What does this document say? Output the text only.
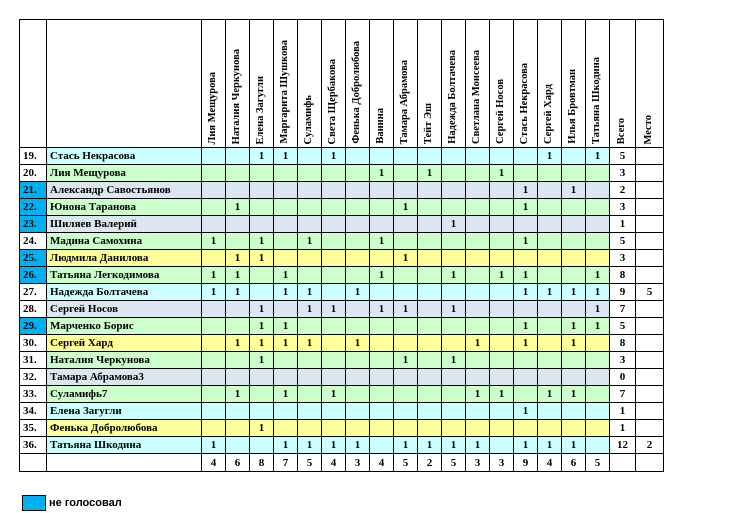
		Лия Мещурова	Наталия Черкунова	Елена Загугли	Маргарита Шушкова	Суламифь	Света Щербакова	Фенька Добролюбова	Ванина	Тамара Абрамова	Тейт Эш	Надежда Болтачева	Светлана Моисеева	Сергей Носов	Стась Некрасова	Сергей Хард	Илья Бровтман	Татьяна Шкодина	Всего	Место
19.	Стась Некрасова			1	1		1									1		1	5	
20.	Лия Мещурова								1		1			1					3	
21.	Александр Савостьянов														1		1		2	
22.	Юнона Таранова		1							1					1				3	
23.	Шиляев Валерий											1							1	
24.	Мадина Самохина	1		1		1			1						1				5	
25.	Людмила Данилова		1	1						1									3	
26.	Татьяна Легкодимова	1	1		1				1			1		1	1			1	8	
27.	Надежда Болтачева	1	1		1	1		1							1	1	1	1	9	5
28.	Сергей Носов			1		1	1		1	1		1						1	7	
29.	Марченко Борис			1	1										1		1	1	5	
30.	Сергей Хард		1	1	1	1		1					1		1		1		8	
31.	Наталия Черкунова			1						1		1							3	
32.	Тамара Абрамова3																		0	
33.	Суламифь7		1		1		1						1	1		1	1		7	
34.	Елена Загугли														1				1	
35.	Фенька Добролюбова			1															1	
36.	Татьяна Шкодина	1			1	1	1	1		1	1	1	1		1	1	1		12	2
		4	6	8	7	5	4	3	4	5	2	5	3	3	9	4	6	5		
не голосовал
